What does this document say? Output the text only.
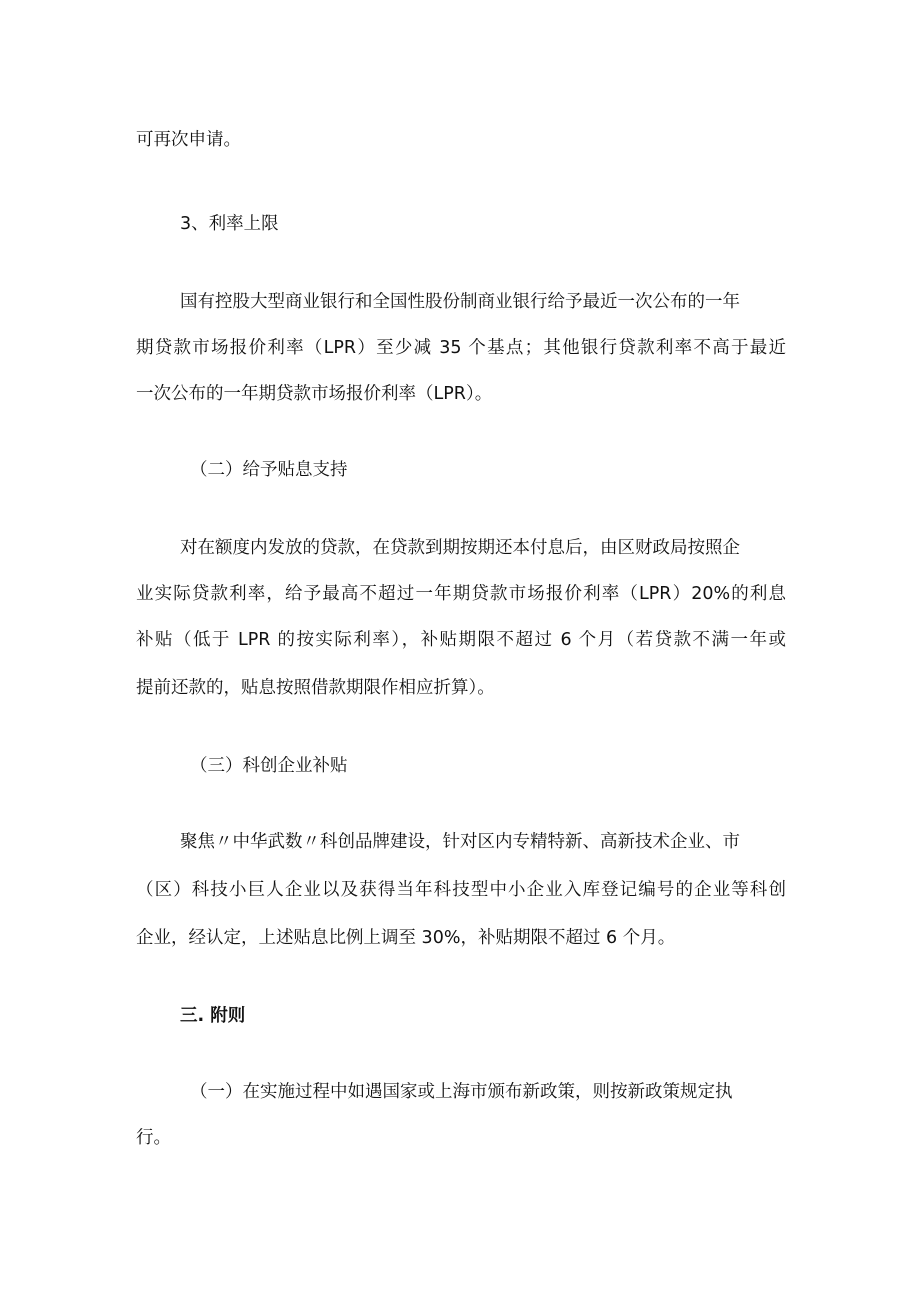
可再次申请。
3、利率上限
国有控股大型商业银行和全国性股份制商业银行给予最近一次公布的一年
期贷款市场报价利率（LPR）至少减 35 个基点；其他银行贷款利率不高于最近
一次公布的一年期贷款市场报价利率（LPR）。
（二）给予贴息支持
对在额度内发放的贷款，在贷款到期按期还本付息后，由区财政局按照企
业实际贷款利率，给予最高不超过一年期贷款市场报价利率（LPR）20%的利息
补贴（低于 LPR 的按实际利率），补贴期限不超过 6 个月（若贷款不满一年或
提前还款的，贴息按照借款期限作相应折算）。
（三）科创企业补贴
聚焦〃中华武数〃科创品牌建设，针对区内专精特新、高新技术企业、市
（区）科技小巨人企业以及获得当年科技型中小企业入库登记编号的企业等科创
企业，经认定，上述贴息比例上调至 30%，补贴期限不超过 6 个月。
三. 附则
（一）在实施过程中如遇国家或上海市颁布新政策，则按新政策规定执
行。
